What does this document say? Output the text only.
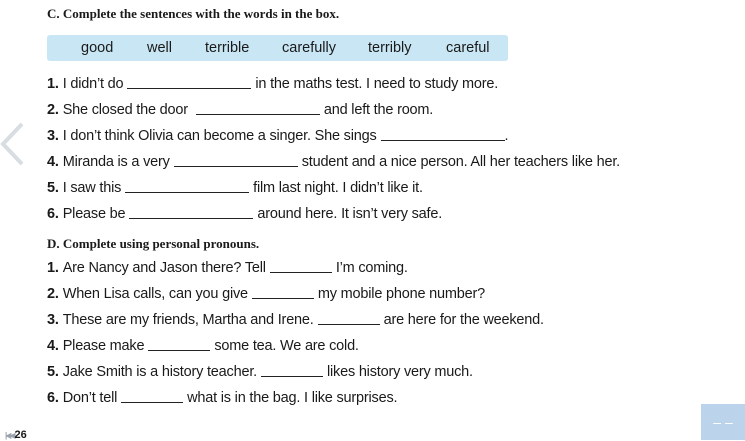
C. Complete the sentences with the words in the box.
good well terrible carefully terribly careful
1. I didn’t do	in the maths test. I need to study more.
2. She closed the door	and left the room.
3. I don’t think Olivia can become a singer. She sings	.
4. Miranda is a very	student and a nice person. All her teachers like her.
5. I saw this	film last night. I didn’t like it.
6. Please be	around here. It isn’t very safe.
D. Complete using personal pronouns.
1. Are Nancy and Jason there? Tell	I’m coming.
2. When Lisa calls, can you give	my mobile phone number?
3. These are my friends, Martha and Irene.	are here for the weekend.
4. Please make	some tea. We are cold.
5. Jake Smith is a history teacher.	likes history very much.
6. Don’t tell	what is in the bag. I like surprises.
|◀◀ 26
– –
